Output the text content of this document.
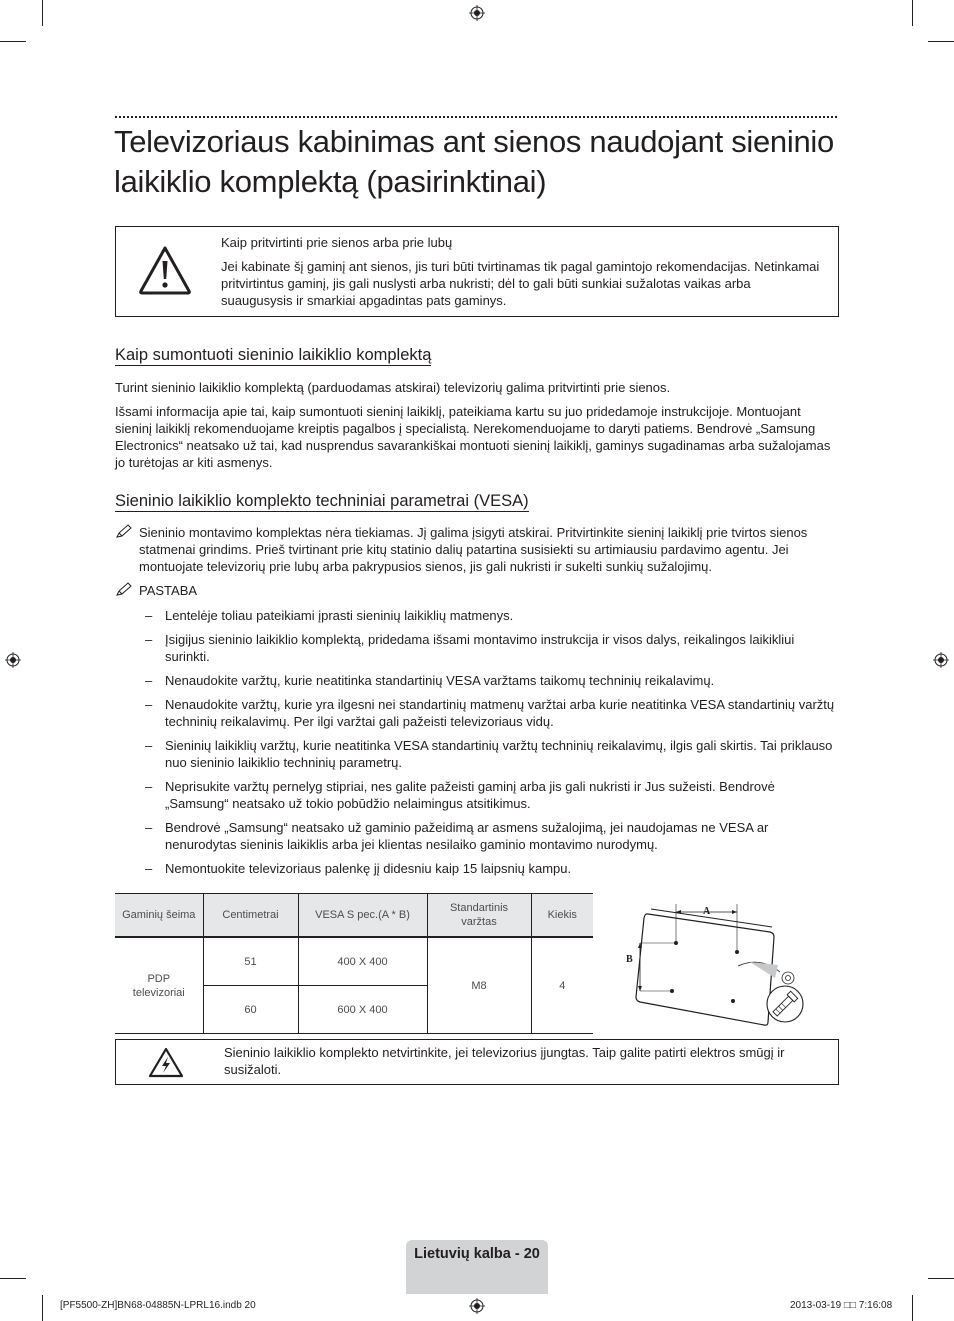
Televizoriaus kabinimas ant sienos naudojant sieninio laikiklio komplektą (pasirinktinai)
Kaip pritvirtinti prie sienos arba prie lubų
Jei kabinate šį gaminį ant sienos, jis turi būti tvirtinamas tik pagal gamintojo rekomendacijas. Netinkamai pritvirtintus gaminį, jis gali nuslysti arba nukristi; dėl to gali būti sunkiai sužalotas vaikas arba suaugusysis ir smarkiai apgadintas pats gaminys.
Kaip sumontuoti sieninio laikiklio komplektą
Turint sieninio laikiklio komplektą (parduodamas atskirai) televizorių galima pritvirtinti prie sienos.
Išsami informacija apie tai, kaip sumontuoti sieninį laikiklį, pateikiama kartu su juo pridedamoje instrukcijoje. Montuojant sieninį laikiklį rekomenduojame kreiptis pagalbos į specialistą. Nerekomenduojame to daryti patiems. Bendrovė „Samsung Electronics“ neatsako už tai, kad nusprendus savarankiškai montuoti sieninį laikiklį, gaminys sugadinamas arba sužalojamas jo turėtojas ar kiti asmenys.
Sieninio laikiklio komplekto techniniai parametrai (VESA)
Sieninio montavimo komplektas nėra tiekiamas. Jį galima įsigyti atskirai. Pritvirtinkite sieninį laikiklį prie tvirtos sienos statmenai grindims. Prieš tvirtinant prie kitų statinio dalių patartina susisiekti su artimiausiu pardavimo agentu. Jei montuojate televizorių prie lubų arba pakrypusios sienos, jis gali nukristi ir sukelti sunkių sužalojimų.
PASTABA
– Lentelėje toliau pateikiami įprasti sieninių laikiklių matmenys.
– Įsigijus sieninio laikiklio komplektą, pridedama išsami montavimo instrukcija ir visos dalys, reikalingos laikikliui surinkti.
– Nenaudokite varžtų, kurie neatitinka standartinių VESA varžtams taikomų techninių reikalavimų.
– Nenaudokite varžtų, kurie yra ilgesni nei standartinių matmenų varžtai arba kurie neatitinka VESA standartinių varžtų techninių reikalavimų. Per ilgi varžtai gali pažeisti televizoriaus vidų.
– Sieninių laikiklių varžtų, kurie neatitinka VESA standartinių varžtų techninių reikalavimų, ilgis gali skirtis. Tai priklauso nuo sieninio laikiklio techninių parametrų.
– Neprisukite varžtų pernelyg stipriai, nes galite pažeisti gaminį arba jis gali nukristi ir Jus sužeisti. Bendrovė „Samsung“ neatsako už tokio pobūdžio nelaimingus atsitikimus.
– Bendrovė „Samsung“ neatsako už gaminio pažeidimą ar asmens sužalojimą, jei naudojamas ne VESA ar nenurodytas sieninis laikiklis arba jei klientas nesilaiko gaminio montavimo nurodymų.
– Nemontuokite televizoriaus palenkę jį didesniu kaip 15 laipsnių kampu.
Gaminių šeima	Centimetrai	VESA S pec.(A * B)	Standartinis varžtas	Kiekis
PDP televizoriai	51	400 X 400	M8	4
	60	600 X 400		
A
B
Sieninio laikiklio komplekto netvirtinkite, jei televizorius įjungtas. Taip galite patirti elektros smūgį ir susižaloti.
Lietuvių kalba - 20
[PF5500-ZH]BN68-04885N-LPRL16.indb 20	2013-03-19 □□ 7:16:08
